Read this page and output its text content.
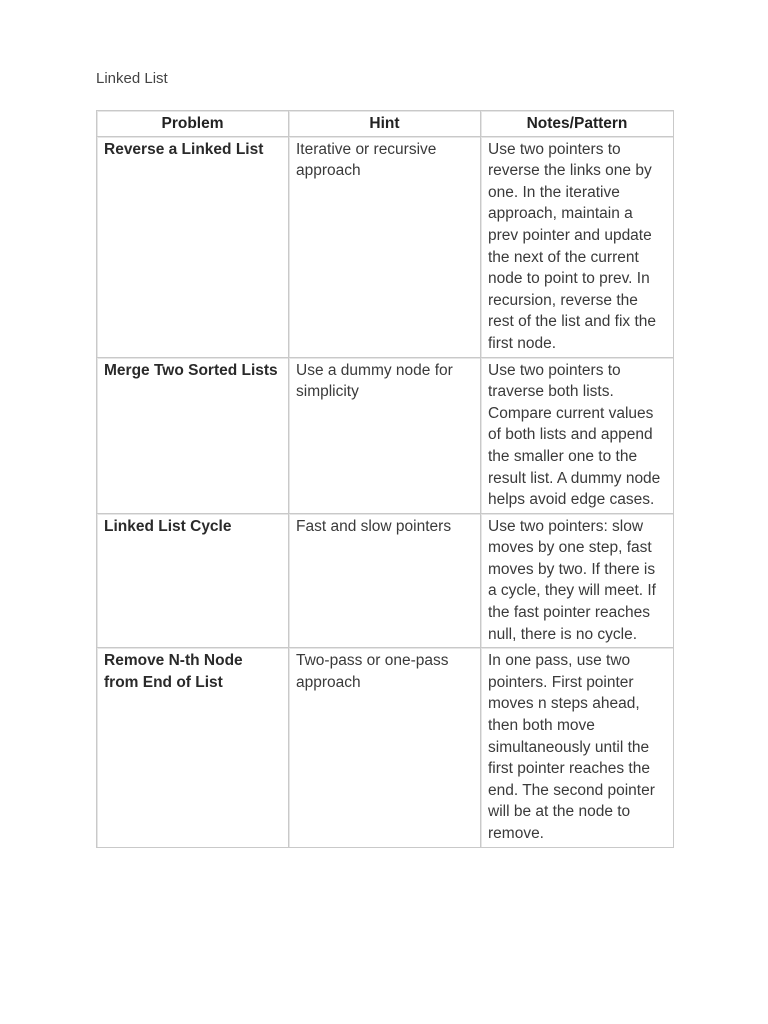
Linked List
Problem	Hint	Notes/Pattern
Reverse a Linked List	Iterative or recursive approach	Use two pointers to reverse the links one by one. In the iterative approach, maintain a prev pointer and update the next of the current node to point to prev. In recursion, reverse the rest of the list and fix the first node.
Merge Two Sorted Lists	Use a dummy node for simplicity	Use two pointers to traverse both lists. Compare current values of both lists and append the smaller one to the result list. A dummy node helps avoid edge cases.
Linked List Cycle	Fast and slow pointers	Use two pointers: slow moves by one step, fast moves by two. If there is a cycle, they will meet. If the fast pointer reaches null, there is no cycle.
Remove N-th Node from End of List	Two-pass or one-pass approach	In one pass, use two pointers. First pointer moves n steps ahead, then both move simultaneously until the first pointer reaches the end. The second pointer will be at the node to remove.
